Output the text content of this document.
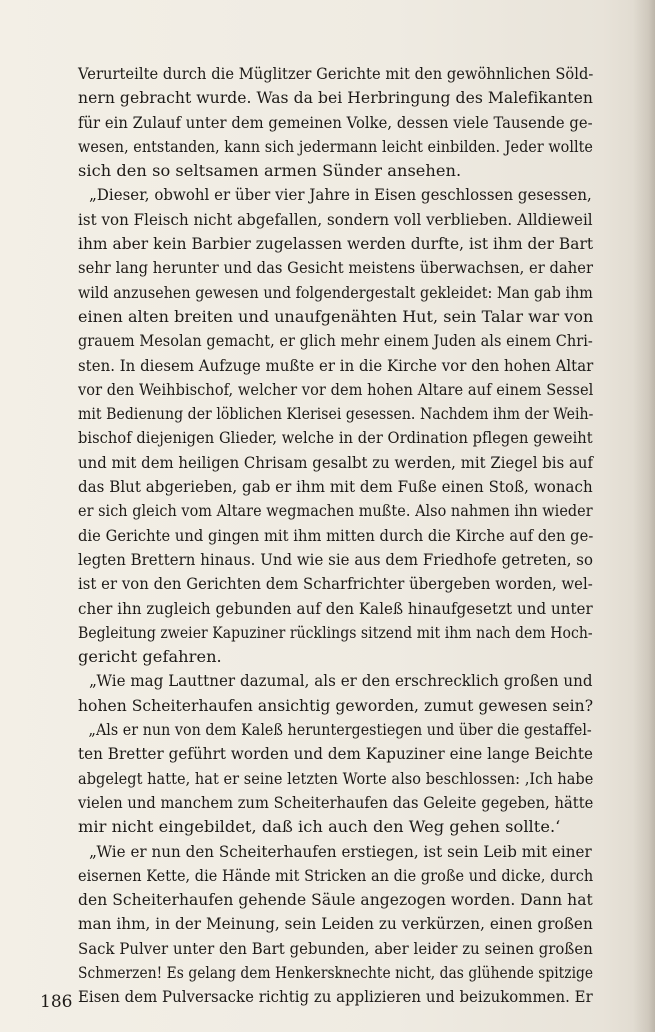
Verurteilte durch die Müglitzer Gerichte mit den gewöhnlichen Söld-
nern gebracht wurde. Was da bei Herbringung des Malefikanten
für ein Zulauf unter dem gemeinen Volke, dessen viele Tausende ge-
wesen, entstanden, kann sich jedermann leicht einbilden. Jeder wollte
sich den so seltsamen armen Sünder ansehen.
„Dieser, obwohl er über vier Jahre in Eisen geschlossen gesessen,
ist von Fleisch nicht abgefallen, sondern voll verblieben. Alldieweil
ihm aber kein Barbier zugelassen werden durfte, ist ihm der Bart
sehr lang herunter und das Gesicht meistens überwachsen, er daher
wild anzusehen gewesen und folgendergestalt gekleidet: Man gab ihm
einen alten breiten und unaufgenähten Hut, sein Talar war von
grauem Mesolan gemacht, er glich mehr einem Juden als einem Chri-
sten. In diesem Aufzuge mußte er in die Kirche vor den hohen Altar
vor den Weihbischof, welcher vor dem hohen Altare auf einem Sessel
mit Bedienung der löblichen Klerisei gesessen. Nachdem ihm der Weih-
bischof diejenigen Glieder, welche in der Ordination pflegen geweiht
und mit dem heiligen Chrisam gesalbt zu werden, mit Ziegel bis auf
das Blut abgerieben, gab er ihm mit dem Fuße einen Stoß, wonach
er sich gleich vom Altare wegmachen mußte. Also nahmen ihn wieder
die Gerichte und gingen mit ihm mitten durch die Kirche auf den ge-
legten Brettern hinaus. Und wie sie aus dem Friedhofe getreten, so
ist er von den Gerichten dem Scharfrichter übergeben worden, wel-
cher ihn zugleich gebunden auf den Kaleß hinaufgesetzt und unter
Begleitung zweier Kapuziner rücklings sitzend mit ihm nach dem Hoch-
gericht gefahren.
„Wie mag Lauttner dazumal, als er den erschrecklich großen und
hohen Scheiterhaufen ansichtig geworden, zumut gewesen sein?
„Als er nun von dem Kaleß heruntergestiegen und über die gestaffel-
ten Bretter geführt worden und dem Kapuziner eine lange Beichte
abgelegt hatte, hat er seine letzten Worte also beschlossen: ‚Ich habe
vielen und manchem zum Scheiterhaufen das Geleite gegeben, hätte
mir nicht eingebildet, daß ich auch den Weg gehen sollte.‘
„Wie er nun den Scheiterhaufen erstiegen, ist sein Leib mit einer
eisernen Kette, die Hände mit Stricken an die große und dicke, durch
den Scheiterhaufen gehende Säule angezogen worden. Dann hat
man ihm, in der Meinung, sein Leiden zu verkürzen, einen großen
Sack Pulver unter den Bart gebunden, aber leider zu seinen großen
Schmerzen! Es gelang dem Henkersknechte nicht, das glühende spitzige
Eisen dem Pulversacke richtig zu applizieren und beizukommen. Er
186
